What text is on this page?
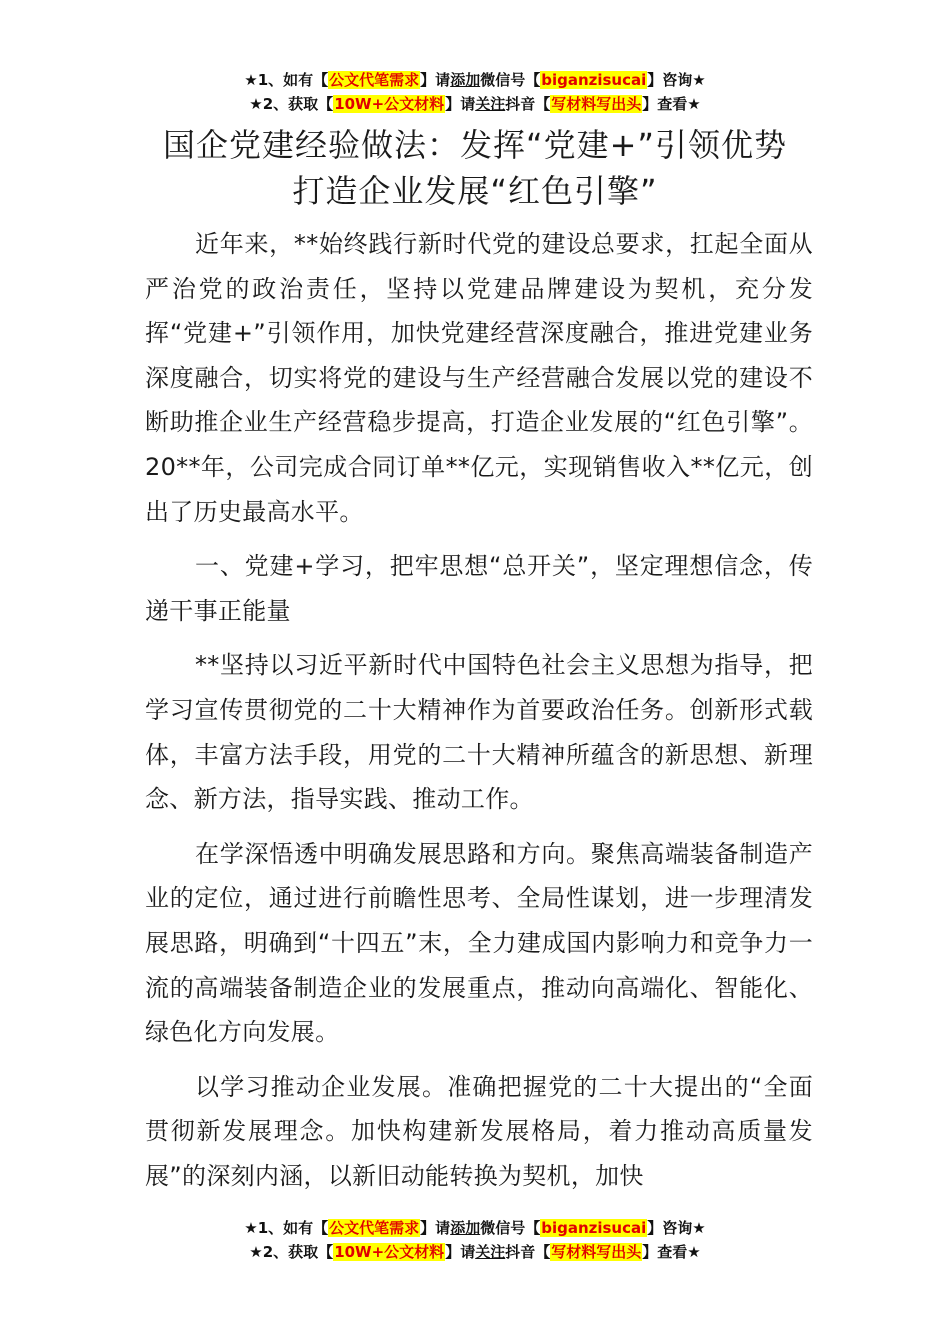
★1、如有【公文代笔需求】请添加微信号【biganzisucai】咨询★
★2、获取【10W+公文材料】请关注抖音【写材料写出头】查看★
国企党建经验做法：发挥“党建+”引领优势
打造企业发展“红色引擎”

近年来，**始终践行新时代党的建设总要求，扛起全面从严治党的政治责任，坚持以党建品牌建设为契机，充分发挥“党建+”引领作用，加快党建经营深度融合，推进党建业务深度融合，切实将党的建设与生产经营融合发展以党的建设不断助推企业生产经营稳步提高，打造企业发展的“红色引擎”。20**年，公司完成合同订单**亿元，实现销售收入**亿元，创出了历史最高水平。

一、党建+学习，把牢思想“总开关”，坚定理想信念，传递干事正能量

**坚持以习近平新时代中国特色社会主义思想为指导，把学习宣传贯彻党的二十大精神作为首要政治任务。创新形式载体，丰富方法手段，用党的二十大精神所蕴含的新思想、新理念、新方法，指导实践、推动工作。

在学深悟透中明确发展思路和方向。聚焦高端装备制造产业的定位，通过进行前瞻性思考、全局性谋划，进一步理清发展思路，明确到“十四五”末，全力建成国内影响力和竞争力一流的高端装备制造企业的发展重点，推动向高端化、智能化、绿色化方向发展。

以学习推动企业发展。准确把握党的二十大提出的“全面贯彻新发展理念。加快构建新发展格局，着力推动高质量发展”的深刻内涵，以新旧动能转换为契机，加快

★1、如有【公文代笔需求】请添加微信号【biganzisucai】咨询★
★2、获取【10W+公文材料】请关注抖音【写材料写出头】查看★
